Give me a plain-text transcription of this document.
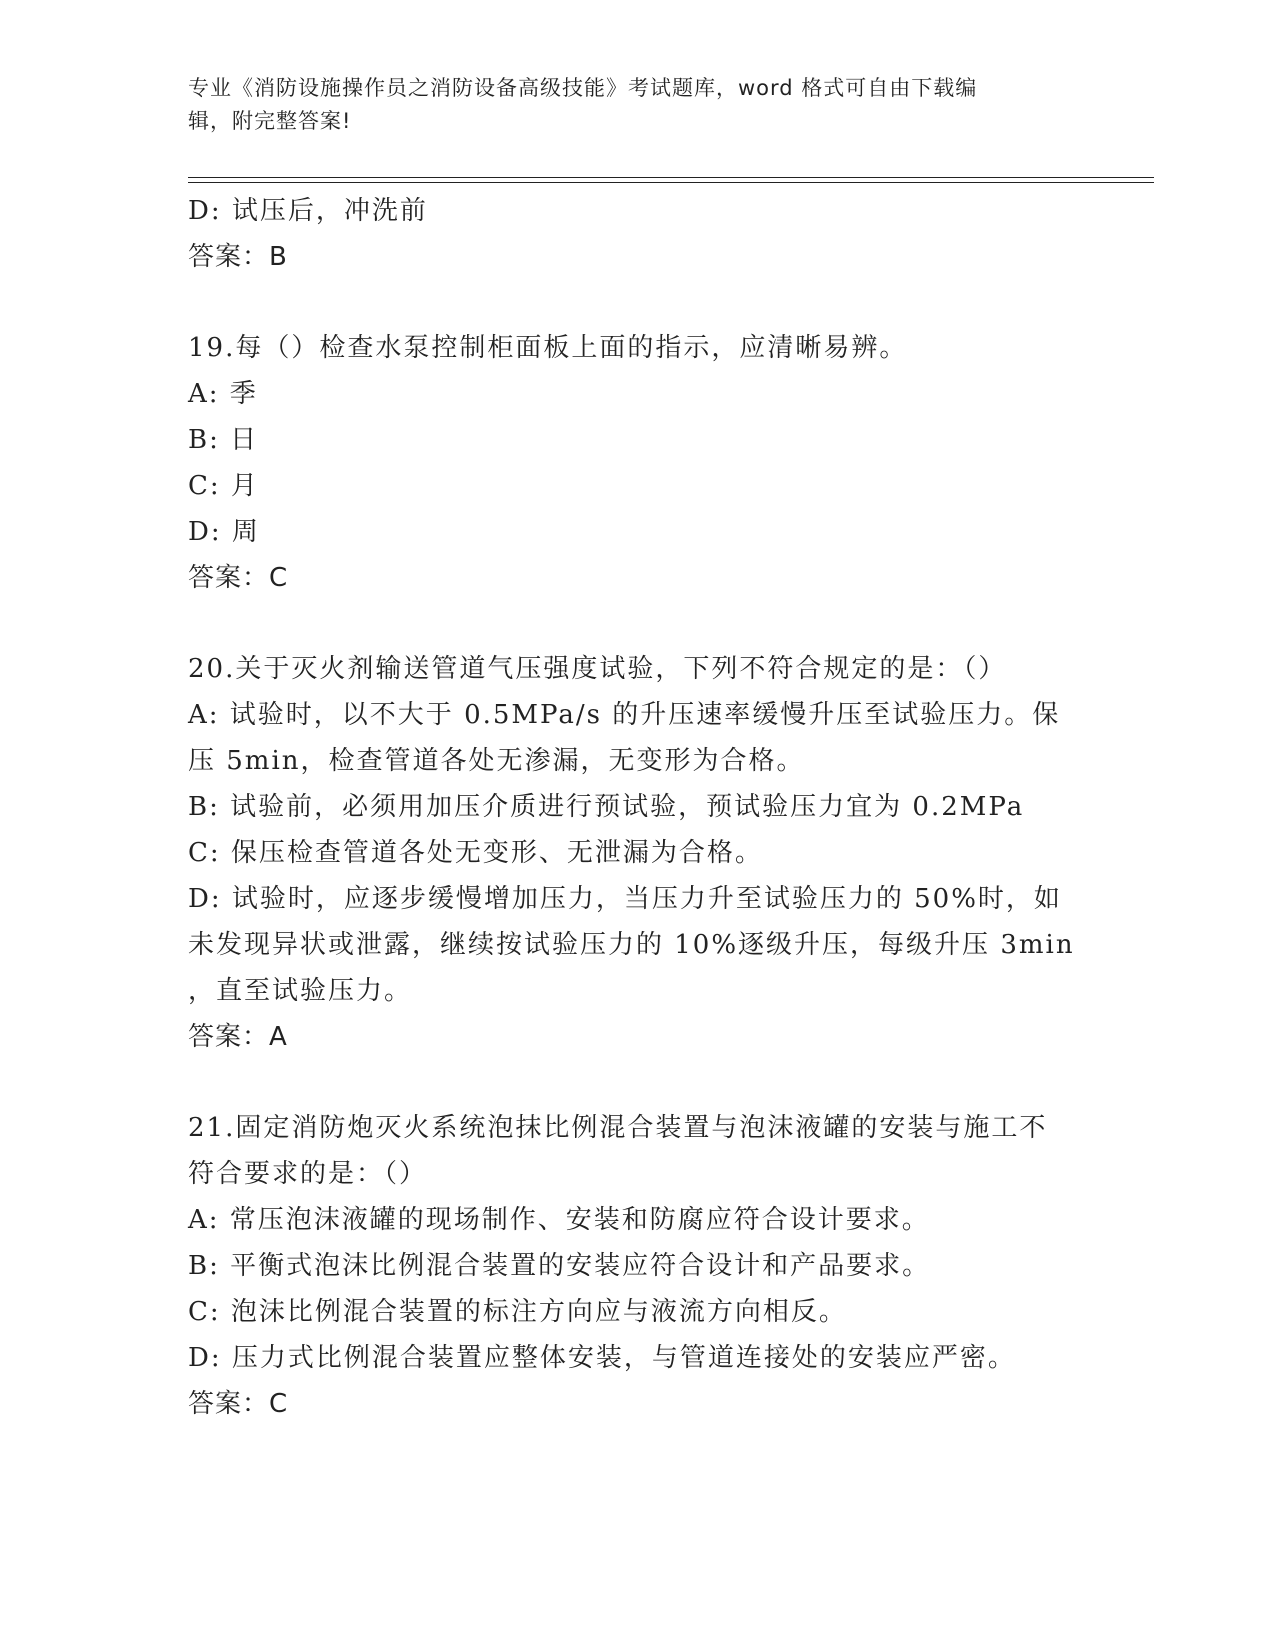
专业《消防设施操作员之消防设备高级技能》考试题库，word 格式可自由下载编
辑，附完整答案!
D: 试压后，冲洗前
答案：B
19.每（）检查水泵控制柜面板上面的指示，应清晰易辨。
A: 季
B: 日
C: 月
D: 周
答案：C
20.关于灭火剂输送管道气压强度试验，下列不符合规定的是：（）
A: 试验时，以不大于 0.5MPa/s 的升压速率缓慢升压至试验压力。保
压 5min，检查管道各处无渗漏，无变形为合格。
B: 试验前，必须用加压介质进行预试验，预试验压力宜为 0.2MPa
C: 保压检查管道各处无变形、无泄漏为合格。
D: 试验时，应逐步缓慢增加压力，当压力升至试验压力的 50%时，如
未发现异状或泄露，继续按试验压力的 10%逐级升压，每级升压 3min
，直至试验压力。
答案：A
21.固定消防炮灭火系统泡抹比例混合装置与泡沫液罐的安装与施工不
符合要求的是：（）
A: 常压泡沫液罐的现场制作、安装和防腐应符合设计要求。
B: 平衡式泡沫比例混合装置的安装应符合设计和产品要求。
C: 泡沫比例混合装置的标注方向应与液流方向相反。
D: 压力式比例混合装置应整体安装，与管道连接处的安装应严密。
答案：C
